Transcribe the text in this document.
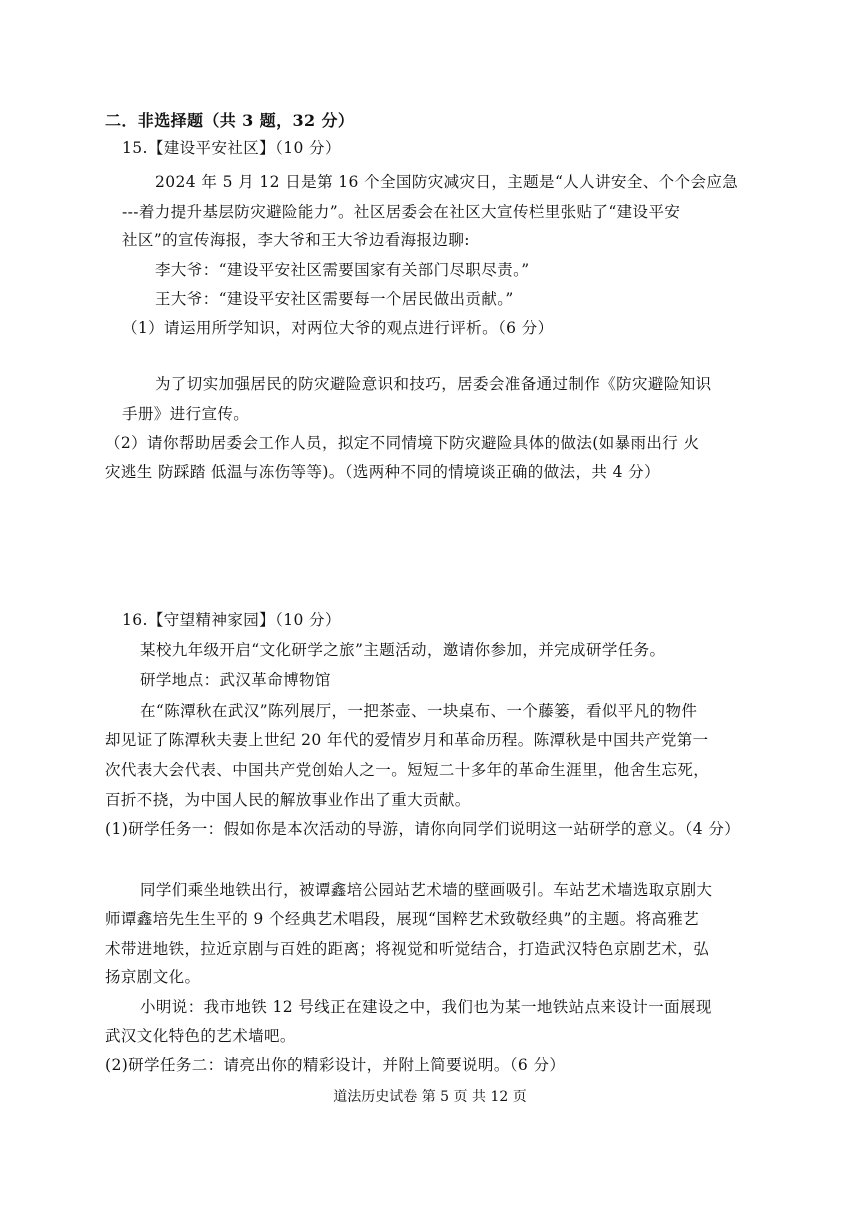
二．非选择题（共 3 题，32 分）
15.【建设平安社区】（10 分）
2024 年 5 月 12 日是第 16 个全国防灾减灾日，主题是“人人讲安全、个个会应急
---着力提升基层防灾避险能力”。社区居委会在社区大宣传栏里张贴了“建设平安
社区”的宣传海报，李大爷和王大爷边看海报边聊:
李大爷：“建设平安社区需要国家有关部门尽职尽责。”
王大爷：“建设平安社区需要每一个居民做出贡献。”
（1）请运用所学知识，对两位大爷的观点进行评析。（6 分）
为了切实加强居民的防灾避险意识和技巧，居委会准备通过制作《防灾避险知识
手册》进行宣传。
（2）请你帮助居委会工作人员，拟定不同情境下防灾避险具体的做法(如暴雨出行 火
灾逃生 防踩踏 低温与冻伤等等)。（选两种不同的情境谈正确的做法，共 4 分）
16.【守望精神家园】（10 分）
某校九年级开启“文化研学之旅”主题活动，邀请你参加，并完成研学任务。
研学地点：武汉革命博物馆
在“陈潭秋在武汉”陈列展厅，一把茶壶、一块桌布、一个藤篓，看似平凡的物件
却见证了陈潭秋夫妻上世纪 20 年代的爱情岁月和革命历程。陈潭秋是中国共产党第一
次代表大会代表、中国共产党创始人之一。短短二十多年的革命生涯里，他舍生忘死，
百折不挠，为中国人民的解放事业作出了重大贡献。
(1)研学任务一：假如你是本次活动的导游，请你向同学们说明这一站研学的意义。（4 分）
同学们乘坐地铁出行，被谭鑫培公园站艺术墙的壁画吸引。车站艺术墙选取京剧大
师谭鑫培先生生平的 9 个经典艺术唱段，展现“国粹艺术致敬经典”的主题。将高雅艺
术带进地铁，拉近京剧与百姓的距离；将视觉和听觉结合，打造武汉特色京剧艺术，弘
扬京剧文化。
小明说：我市地铁 12 号线正在建设之中，我们也为某一地铁站点来设计一面展现
武汉文化特色的艺术墙吧。
(2)研学任务二：请亮出你的精彩设计，并附上简要说明。（6 分）
道法历史试卷 第 5 页 共 12 页
